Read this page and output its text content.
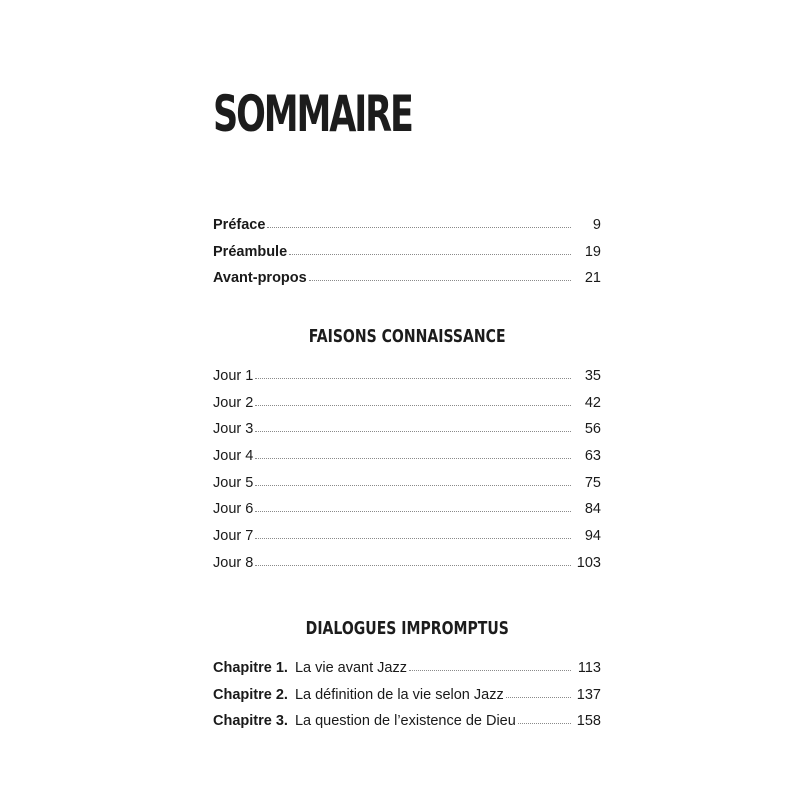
SOMMAIRE
Préface	9
Préambule	19
Avant-propos	21
FAISONS CONNAISSANCE
Jour 1	35
Jour 2	42
Jour 3	56
Jour 4	63
Jour 5	75
Jour 6	84
Jour 7	94
Jour 8	103
DIALOGUES IMPROMPTUS
Chapitre 1. La vie avant Jazz	113
Chapitre 2. La définition de la vie selon Jazz	137
Chapitre 3. La question de l’existence de Dieu	158
